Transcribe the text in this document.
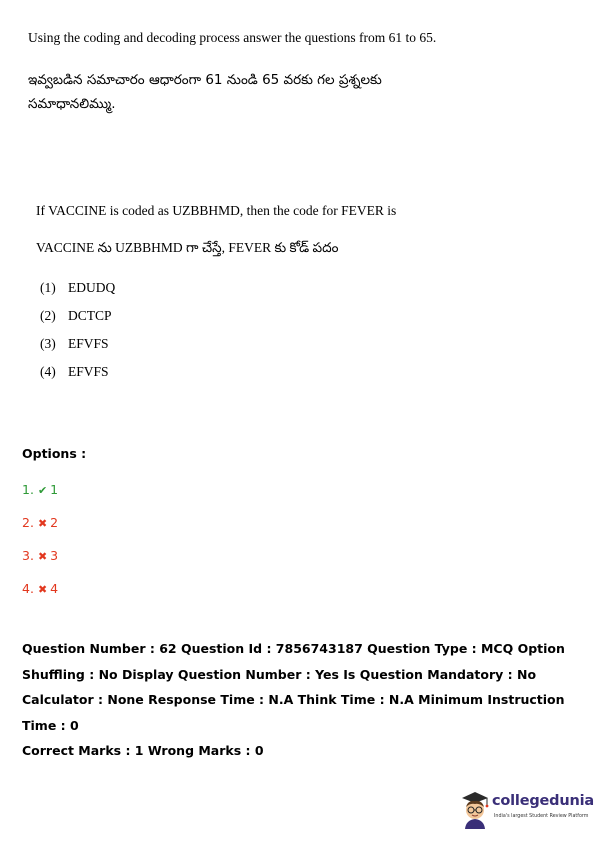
Using the coding and decoding process answer the questions from 61 to 65.
ఇవ్వబడిన సమాచారం ఆధారంగా 61 నుండి 65 వరకు గల ప్రశ్నలకు సమాధానలిమ్ము.
If VACCINE is coded as UZBBHMD, then the code for FEVER is
VACCINE ను UZBBHMD గా చేస్తే, FEVER కు కోడ్ పదం
(1) EDUDQ
(2) DCTCP
(3) EFVFS
(4) EFVFS
Options :
1. ✔ 1
2. ✖ 2
3. ✖ 3
4. ✖ 4
Question Number : 62 Question Id : 7856743187 Question Type : MCQ Option Shuffling : No Display Question Number : Yes Is Question Mandatory : No Calculator : None Response Time : N.A Think Time : N.A Minimum Instruction Time : 0
Correct Marks : 1 Wrong Marks : 0
collegedunia
India's largest Student Review Platform
